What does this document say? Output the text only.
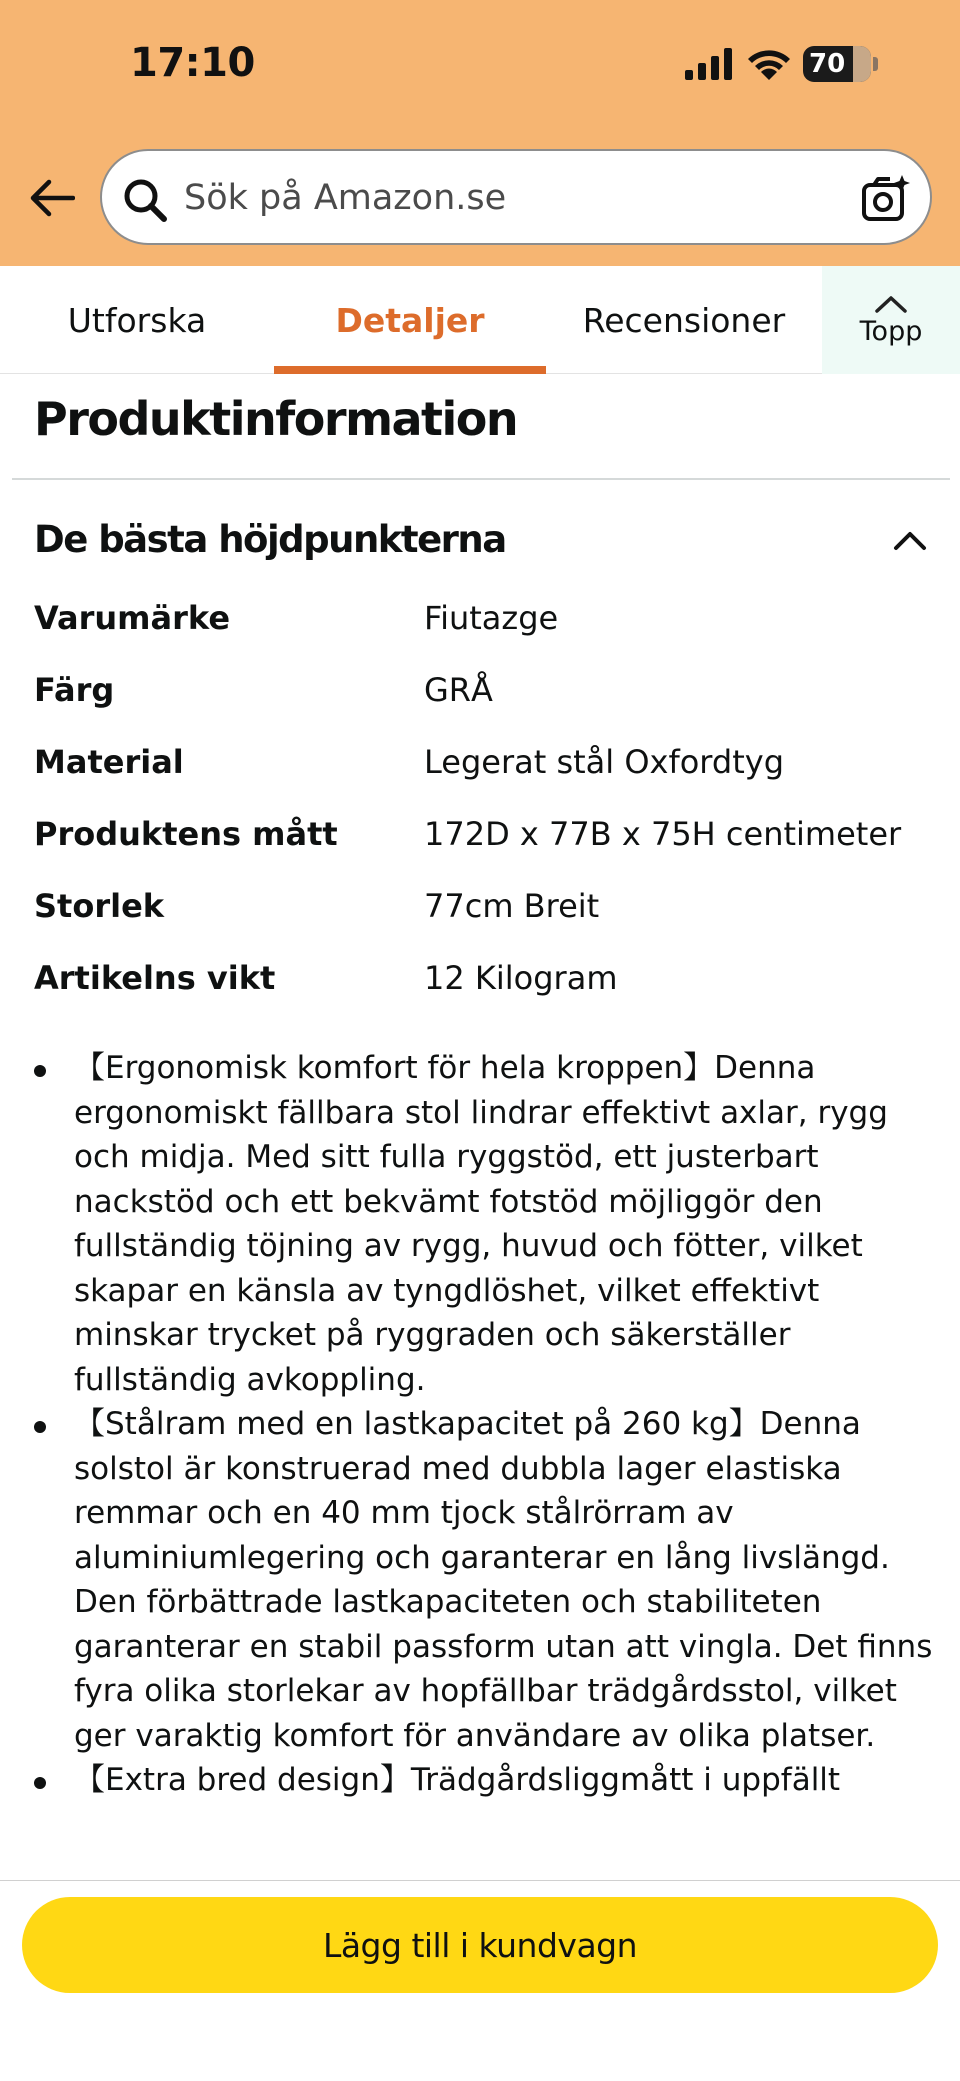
17:10	70
Sök på Amazon.se
Utforska	Detaljer	Recensioner	Topp
Produktinformation
De bästa höjdpunkterna
Varumärke	Fiutazge
Färg	GRÅ
Material	Legerat stål Oxfordtyg
Produktens mått	172D x 77B x 75H centimeter
Storlek	77cm Breit
Artikelns vikt	12 Kilogram
【Ergonomisk komfort för hela kroppen】Denna ergonomiskt fällbara stol lindrar effektivt axlar, rygg och midja. Med sitt fulla ryggstöd, ett justerbart nackstöd och ett bekvämt fotstöd möjliggör den fullständig töjning av rygg, huvud och fötter, vilket skapar en känsla av tyngdlöshet, vilket effektivt minskar trycket på ryggraden och säkerställer fullständig avkoppling.
【Stålram med en lastkapacitet på 260 kg】Denna solstol är konstruerad med dubbla lager elastiska remmar och en 40 mm tjock stålrörram av aluminiumlegering och garanterar en lång livslängd. Den förbättrade lastkapaciteten och stabiliteten garanterar en stabil passform utan att vingla. Det finns fyra olika storlekar av hopfällbar trädgårdsstol, vilket ger varaktig komfort för användare av olika platser.
【Extra bred design】Trädgårdsliggmått i uppfällt
Lägg till i kundvagn
